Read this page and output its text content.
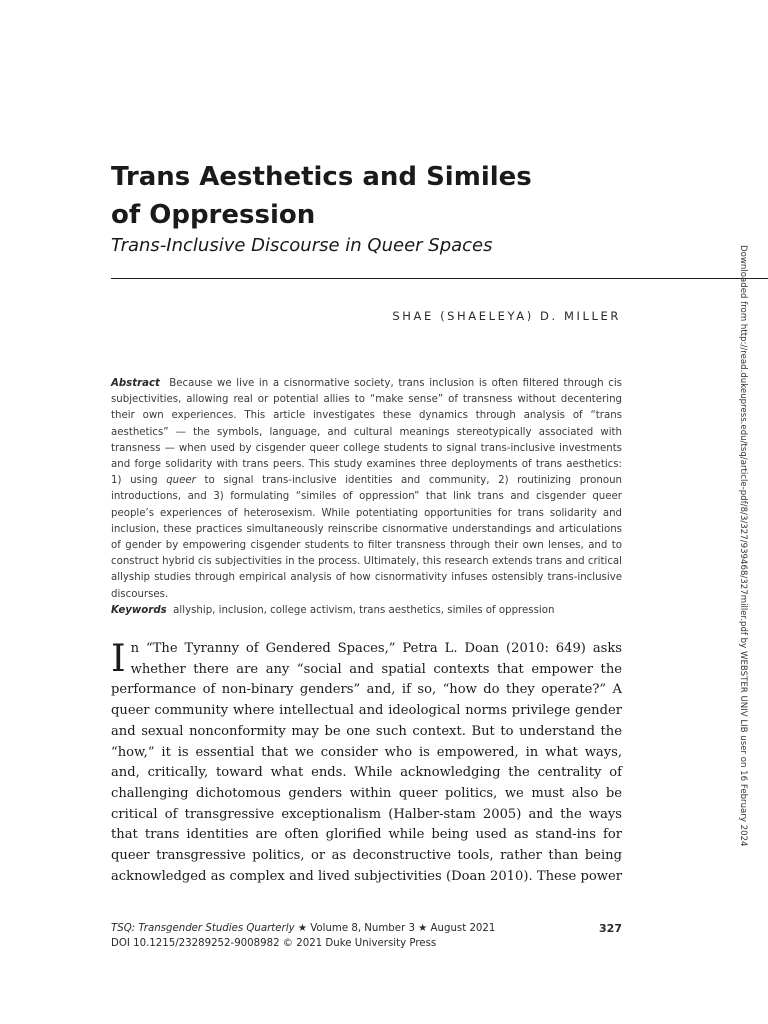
Trans Aesthetics and Similes
of Oppression
Trans-Inclusive Discourse in Queer Spaces
SHAE (SHAELEYA) D. MILLER
Abstract Because we live in a cisnormative society, trans inclusion is often filtered through cis subjectivities, allowing real or potential allies to “make sense” of transness without decentering their own experiences. This article investigates these dynamics through analysis of “trans aesthetics” — the symbols, language, and cultural meanings stereotypically associated with transness — when used by cisgender queer college students to signal trans-inclusive investments and forge solidarity with trans peers. This study examines three deployments of trans aesthetics: 1) using queer to signal trans-inclusive identities and community, 2) routinizing pronoun introductions, and 3) formulating “similes of oppression” that link trans and cisgender queer people’s experiences of heterosexism. While potentiating opportunities for trans solidarity and inclusion, these practices simultaneously reinscribe cisnormative understandings and articulations of gender by empowering cisgender students to filter transness through their own lenses, and to construct hybrid cis subjectivities in the process. Ultimately, this research extends trans and critical allyship studies through empirical analysis of how cisnormativity infuses ostensibly trans-inclusive discourses.
Keywords allyship, inclusion, college activism, trans aesthetics, similes of oppression
In “The Tyranny of Gendered Spaces,” Petra L. Doan (2010: 649) asks whether there are any “social and spatial contexts that empower the performance of non-binary genders” and, if so, “how do they operate?” A queer community where intellectual and ideological norms privilege gender and sexual nonconformity may be one such context. But to understand the “how,” it is essential that we consider who is empowered, in what ways, and, critically, toward what ends. While acknowledging the centrality of challenging dichotomous genders within queer politics, we must also be critical of transgressive exceptionalism (Halber-stam 2005) and the ways that trans identities are often glorified while being used as stand-ins for queer transgressive politics, or as deconstructive tools, rather than being acknowledged as complex and lived subjectivities (Doan 2010). These power
TSQ: Transgender Studies Quarterly ★ Volume 8, Number 3 ★ August 2021
DOI 10.1215/23289252-9008982 © 2021 Duke University Press
327
Downloaded from http://read.dukeupress.edu/tsq/article-pdf/8/3/327/939468/327miller.pdf by WEBSTER UNIV LIB user on 16 February 2024
